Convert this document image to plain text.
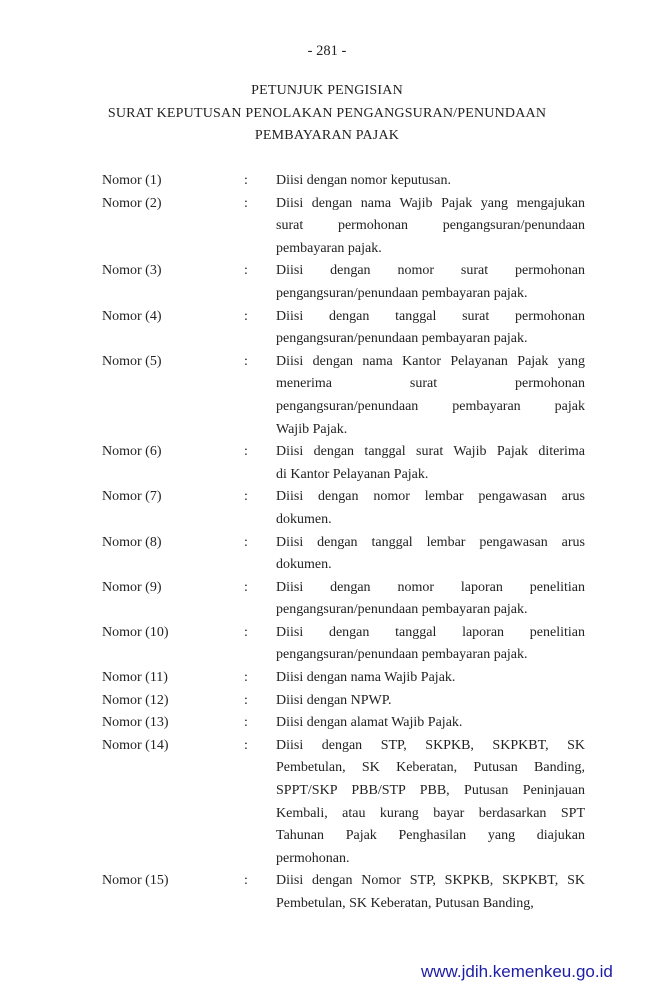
- 281 -
PETUNJUK PENGISIAN
SURAT KEPUTUSAN PENOLAKAN PENGANGSURAN/PENUNDAAN
PEMBAYARAN PAJAK
Nomor (1)	: Diisi dengan nomor keputusan.
Nomor (2)	: Diisi dengan nama Wajib Pajak yang mengajukan
surat permohonan pengangsuran/penundaan
pembayaran pajak.
Nomor (3)	: Diisi dengan nomor surat permohonan
pengangsuran/penundaan pembayaran pajak.
Nomor (4)	: Diisi dengan tanggal surat permohonan
pengangsuran/penundaan pembayaran pajak.
Nomor (5)	: Diisi dengan nama Kantor Pelayanan Pajak yang
menerima surat permohonan
pengangsuran/penundaan pembayaran pajak
Wajib Pajak.
Nomor (6)	: Diisi dengan tanggal surat Wajib Pajak diterima
di Kantor Pelayanan Pajak.
Nomor (7)	: Diisi dengan nomor lembar pengawasan arus
dokumen.
Nomor (8)	: Diisi dengan tanggal lembar pengawasan arus
dokumen.
Nomor (9)	: Diisi dengan nomor laporan penelitian
pengangsuran/penundaan pembayaran pajak.
Nomor (10)	: Diisi dengan tanggal laporan penelitian
pengangsuran/penundaan pembayaran pajak.
Nomor (11)	: Diisi dengan nama Wajib Pajak.
Nomor (12)	: Diisi dengan NPWP.
Nomor (13)	: Diisi dengan alamat Wajib Pajak.
Nomor (14)	: Diisi dengan STP, SKPKB, SKPKBT, SK
Pembetulan, SK Keberatan, Putusan Banding,
SPPT/SKP PBB/STP PBB, Putusan Peninjauan
Kembali, atau kurang bayar berdasarkan SPT
Tahunan Pajak Penghasilan yang diajukan
permohonan.
Nomor (15)	: Diisi dengan Nomor STP, SKPKB, SKPKBT, SK
Pembetulan, SK Keberatan, Putusan Banding,
www.jdih.kemenkeu.go.id
